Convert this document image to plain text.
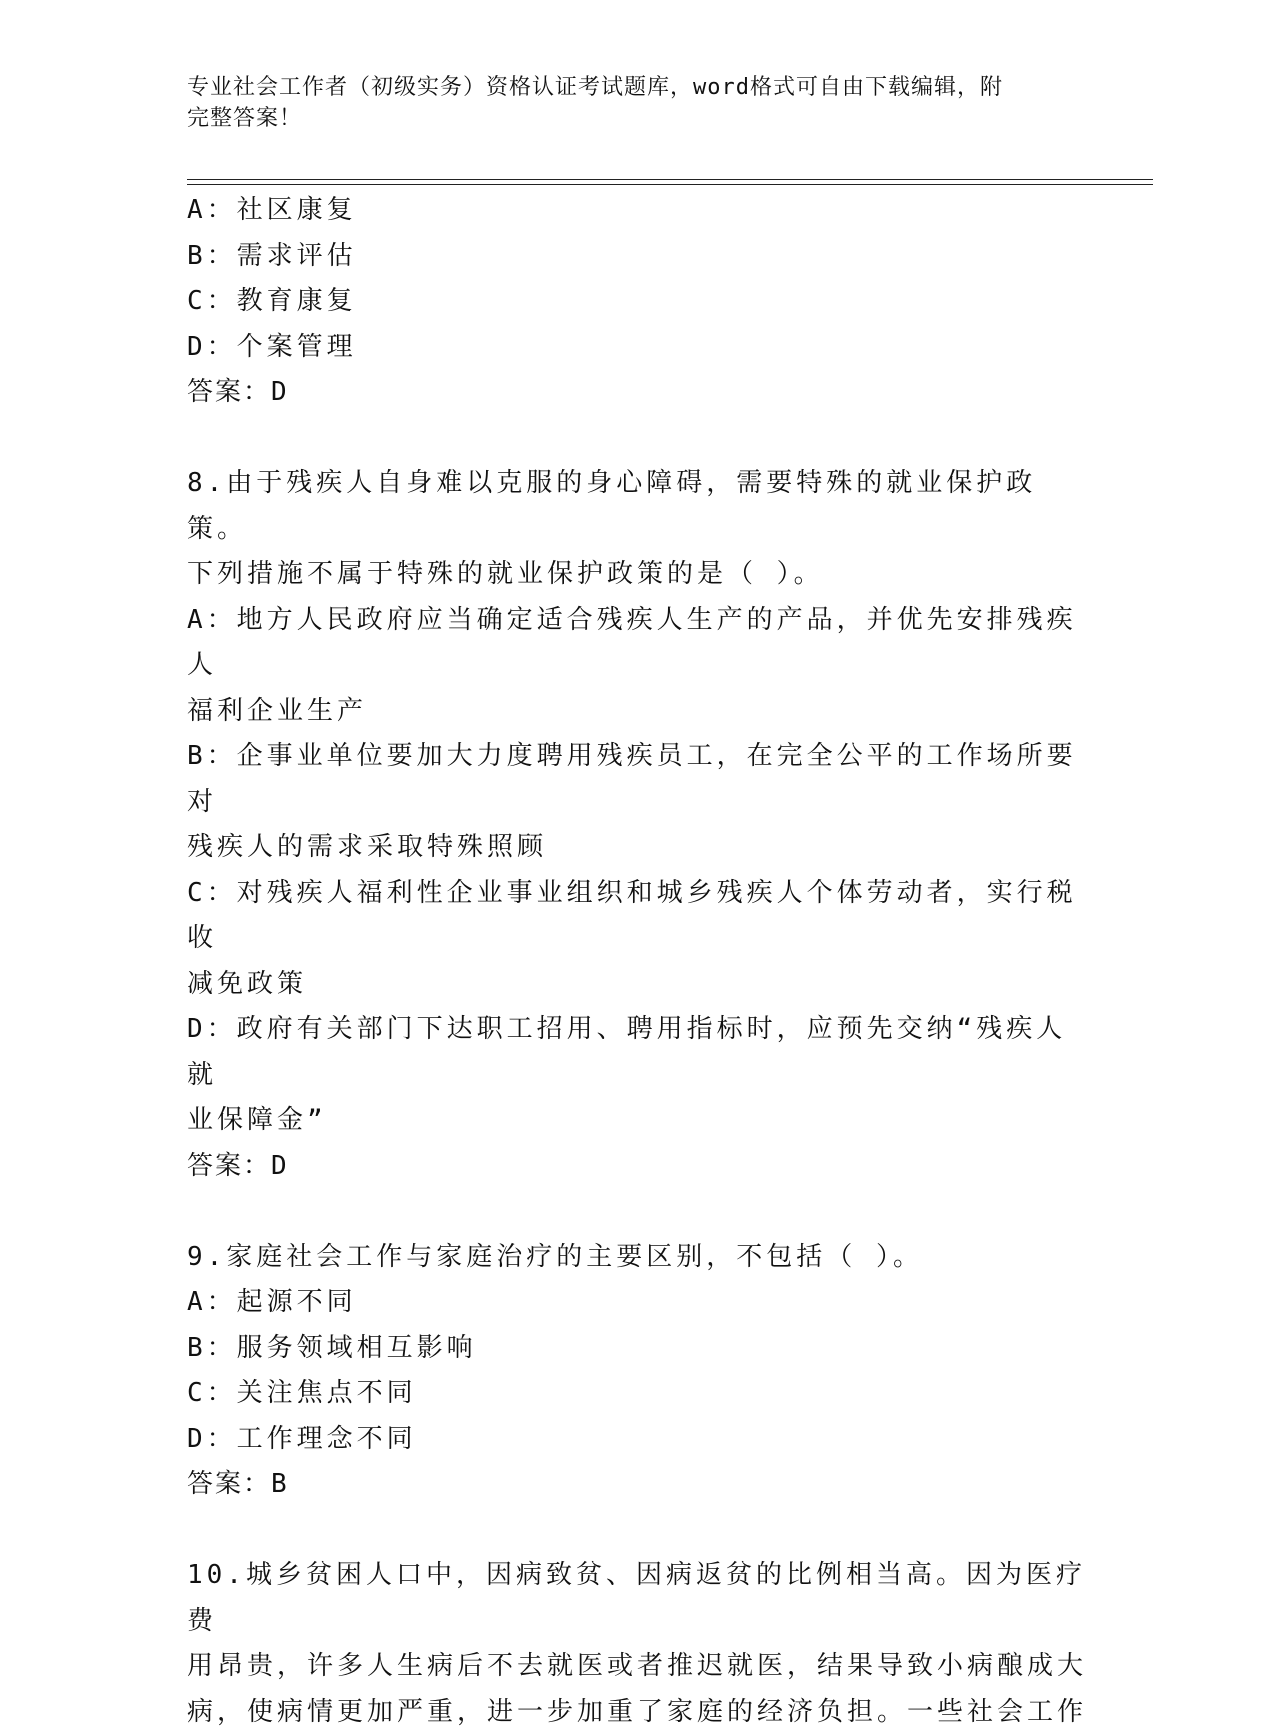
专业社会工作者（初级实务）资格认证考试题库，word格式可自由下载编辑，附
完整答案！
A：社区康复
B：需求评估
C：教育康复
D：个案管理
答案：D
8.由于残疾人自身难以克服的身心障碍，需要特殊的就业保护政策。
下列措施不属于特殊的就业保护政策的是（ ）。
A：地方人民政府应当确定适合残疾人生产的产品，并优先安排残疾人
福利企业生产
B：企事业单位要加大力度聘用残疾员工，在完全公平的工作场所要对
残疾人的需求采取特殊照顾
C：对残疾人福利性企业事业组织和城乡残疾人个体劳动者，实行税收
减免政策
D：政府有关部门下达职工招用、聘用指标时，应预先交纳“残疾人就
业保障金”
答案：D
9.家庭社会工作与家庭治疗的主要区别，不包括（ ）。
A：起源不同
B：服务领域相互影响
C：关注焦点不同
D：工作理念不同
答案：B
10.城乡贫困人口中，因病致贫、因病返贫的比例相当高。因为医疗费
用昂贵，许多人生病后不去就医或者推迟就医，结果导致小病酿成大
病，使病情更加严重，进一步加重了家庭的经济负担。一些社会工作
